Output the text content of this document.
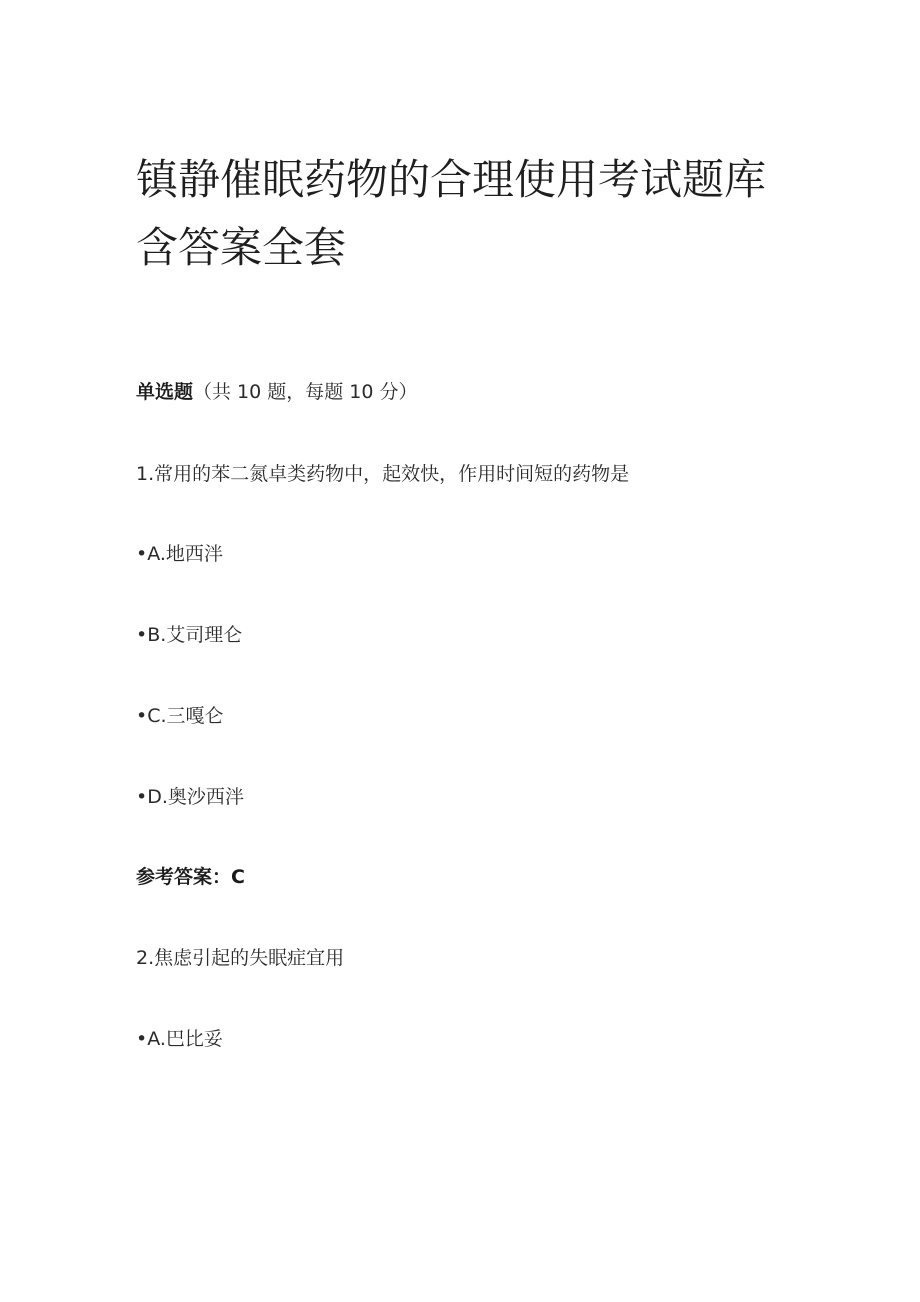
镇静催眠药物的合理使用考试题库
含答案全套
单选题（共 10 题，每题 10 分）
1.常用的苯二氮卓类药物中，起效快，作用时间短的药物是
•A.地西泮
•B.艾司理仑
•C.三嘎仑
•D.奥沙西泮
参考答案：C
2.焦虑引起的失眠症宜用
•A.巴比妥
